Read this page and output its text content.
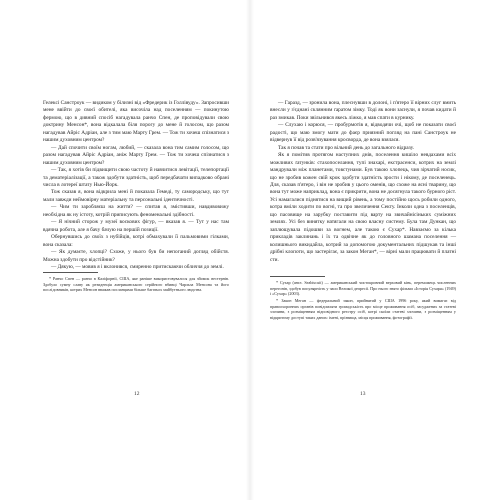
Гелексі Санстроук — видиком у білизні від «Фредерик із Голлівуду». Запросивши мене ввійти до своєї обителі, яка височіла над поселенням — покинутою фермою, що в дивний спосіб нагадувала ранчо Спен, де проповідували свою доктрину Менсон*, вона відкалала біля порогу до мене й голосом, що разом нагадував Айріс Адріан, але з тим маю Марту Грем. — Тож ти хочеш спізнатися з нашим духовним центром?

— Дай спочити своїм ногам, любий, — сказала вона тим самим голосом, що разом нагадував Айріс Адріан, аніж Марту Грем. — Тож ти хочеш спізнатися з нашим духовним центром?

— Так, я хотів би підвищити свою частоту й навчитися левітації, телепортації та дематеріалізації, а також здобути здатність, щоб передбачати випадково обрані числа в лотереї штату Нью-Йорк.

Тож сказав я, вона відкрила мені й показала Гемеді, ту самородську, що тут мали завжди неймовірну матеріальну та персональні ідентичності.

— Чим ти заробляєш на життя? — спитав я, змістивши, навдивовижу необхідна як ну істоту, котрій приписують феноменальні здібності.

— Я нічний сторож у музеї воскових фігур, — вказав я. — Тут у нас там вдячна робота, але я бачу бачую на першій позиції.

Обернувшись до своїх з нубійців, котрі обмахували її пальмовими гілками, вона сказала:

— Як думаєте, хлопці? Схоже, у нього був би непоганий догляд обійстя. Можна здобути про відстійник?

— Дякую, — мовив я і вклонився, смиренно притискаючи обличчя до землі.

* Ранчо Спен — ранчо в Каліфорнії, США, яке раніше використовувалося для зйомок вестернів. Здобуло сумну славу як резиденція американського серійного вбивці Чарльза Менсона та його послідовників, котрих Менсон вважав посланцями більше багатьох майбутнього людства.

12

— Гаразд, — зронила вона, плеснувши в долоні, і п'ятеро її вірних слуг вмить внесли у з'єднані склянним ґаратом зімку. Тоді як вони заснули, я почав кидати й раз змикав. Поки звільнився якесь ліжко, я мав спати в курнику.

— Слухаю і корюся, — пробурмотів я, відводячи очі, щоб не показати своєї радості, що маю змогу мати до фаєр приязний погляд на пані Санстроук не відвернув її від розв'язування кросворда, де вона взялася.

Так я почав та стати про вільний день до загального відразу.

Як я помітив протягом наступних днів, поселення кишіло невдахами всіх можливих ґатунків: стахопоселання, тупі знахарі, екстрасенси, котрих на землі мандрували між планетами, товстунами. Був такою хлопець, чия зірчатий носик, що не зробив кожен свій крок здобути здатність зрости і нікому, де поселенець. Для, сказав п'ятеро, і він не зробив у цього оменів, що схоже на ясні тварину, що вона тут може наприклад, вона є прикрити, вона не досягнула такого бурного ріст. Усі намагалися піднятися на вищий рівень, а тому постійно щось робили одного, котра вміли ходити по вогні, та про звеличення Секту. Інколи одна з поселенців, що пасовище на зарубку поставити під варту на звичайнісіньких суміжних землях. Усі без винятку натягали на свою власну систему. Була там Дункан, що заплющувала підошви за вогнем, але такою є Сухар*. Навзаємо за кілька прикладів заклинань і їх та одвічне як до головного шамана поселення — колишнього викидайла, котрий за допомогою документальних підшукав та інші дрібні клопоти, що застерігає, за закон Меган*, — вірні мали працювати й платні сти.

* Сухар (англ. Seabiscuit) — американський чистокровний верховий кінь, переможець численних перегонів, здобув популярність у часи Великої депресії. Про нього знято фільми «Історія Сухаря» (1949) і «Сухар» (2003).

* Закон Меган — федеральний закон, прийнятий у США 1996 року, який вимагає від правоохоронних органів повідомляти громадськість про місце проживання осіб, засуджених за статеві злочини, з розміщенням відповідного реєстру осіб, котрі скоїли статеві злочини, з розміщенням у відкритому доступі таких даних: імені, прізвища, місця проживання, фотографії.

13
